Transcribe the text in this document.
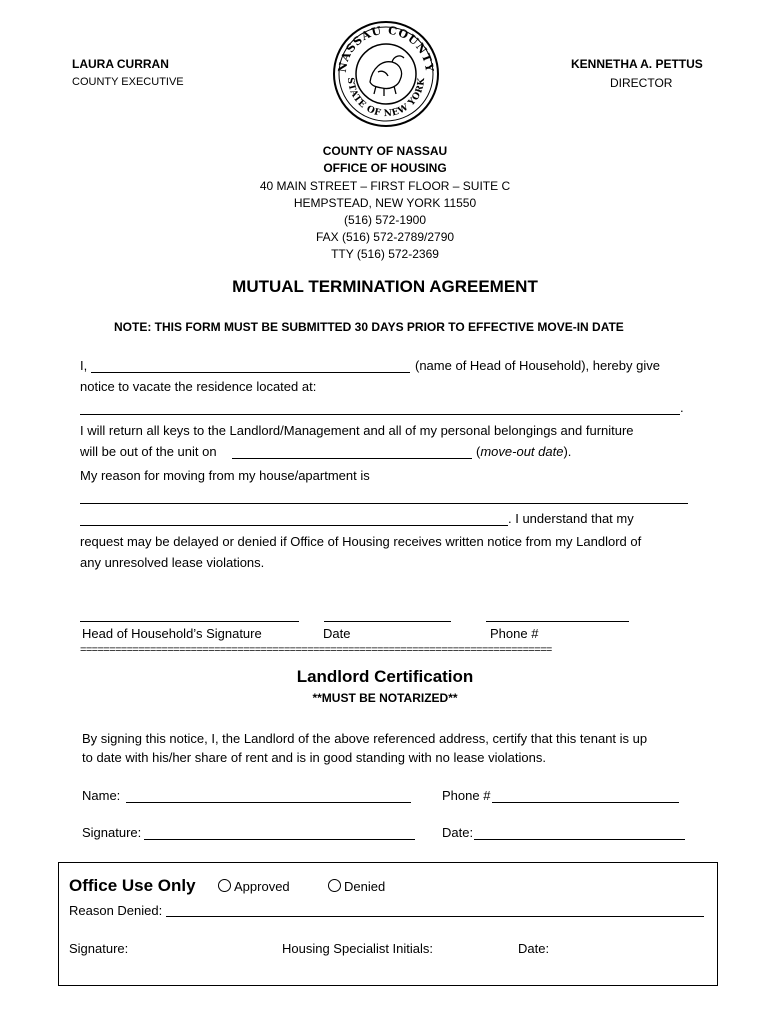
LAURA CURRAN
COUNTY EXECUTIVE
KENNETHA A. PETTUS
DIRECTOR
NASSAU COUNTY
STATE OF NEW YORK
COUNTY OF NASSAU
OFFICE OF HOUSING
40 MAIN STREET – FIRST FLOOR – SUITE C
HEMPSTEAD, NEW YORK 11550
(516) 572-1900
FAX (516) 572-2789/2790
TTY (516) 572-2369
MUTUAL TERMINATION AGREEMENT
NOTE: THIS FORM MUST BE SUBMITTED 30 DAYS PRIOR TO EFFECTIVE MOVE-IN DATE
I,	(name of Head of Household), hereby give
notice to vacate the residence located at:
.
I will return all keys to the Landlord/Management and all of my personal belongings and furniture
will be out of the unit on	(move-out date).
My reason for moving from my house/apartment is
. I understand that my
request may be delayed or denied if Office of Housing receives written notice from my Landlord of
any unresolved lease violations.
Head of Household’s Signature	Date	Phone #
=================================================================================
Landlord Certification
**MUST BE NOTARIZED**
By signing this notice, I, the Landlord of the above referenced address, certify that this tenant is up
to date with his/her share of rent and is in good standing with no lease violations.
Name:	Phone #
Signature:	Date:
Office Use Only	Approved	Denied
Reason Denied:
Signature:	Housing Specialist Initials:	Date:
